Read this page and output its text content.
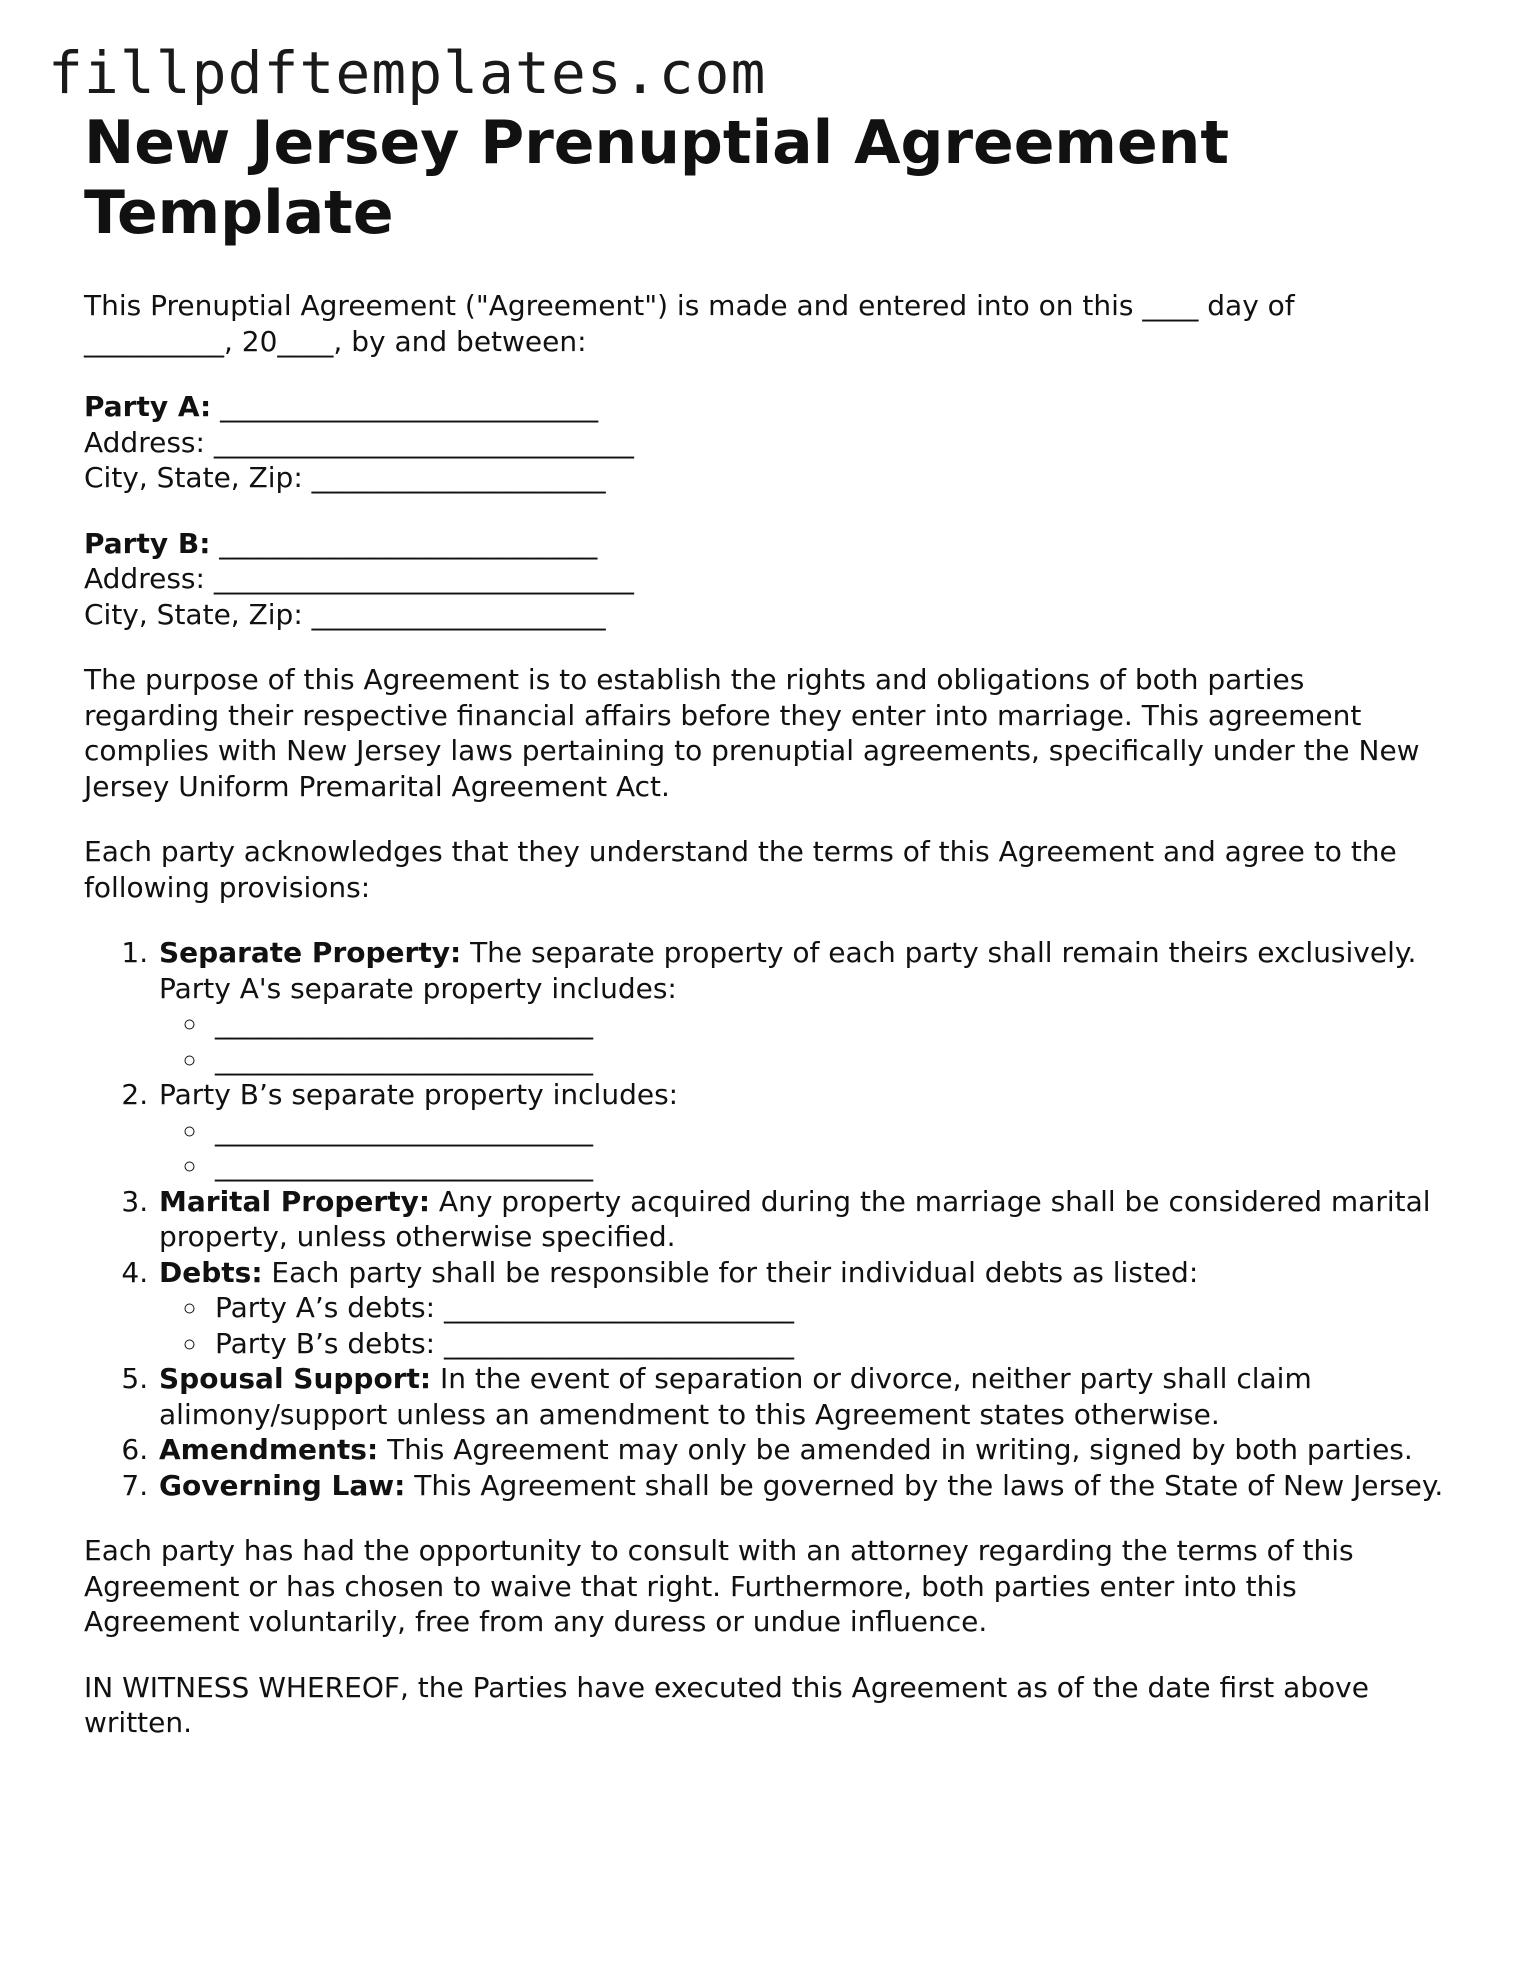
fillpdftemplates.com
New Jersey Prenuptial Agreement Template

This Prenuptial Agreement ("Agreement") is made and entered into on this ____ day of __________, 20____, by and between:

Party A: ___________________________
Address: ______________________________
City, State, Zip: _____________________
Party B: ___________________________
Address: ______________________________
City, State, Zip: _____________________

The purpose of this Agreement is to establish the rights and obligations of both parties regarding their respective financial affairs before they enter into marriage. This agreement complies with New Jersey laws pertaining to prenuptial agreements, specifically under the New Jersey Uniform Premarital Agreement Act.

Each party acknowledges that they understand the terms of this Agreement and agree to the following provisions:

1. Separate Property: The separate property of each party shall remain theirs exclusively. Party A's separate property includes:
◦ ___________________________
◦ ___________________________
2. Party B’s separate property includes:
◦ ___________________________
◦ ___________________________
3. Marital Property: Any property acquired during the marriage shall be considered marital property, unless otherwise specified.
4. Debts: Each party shall be responsible for their individual debts as listed:
◦ Party A’s debts: _________________________
◦ Party B’s debts: _________________________
5. Spousal Support: In the event of separation or divorce, neither party shall claim alimony/support unless an amendment to this Agreement states otherwise.
6. Amendments: This Agreement may only be amended in writing, signed by both parties.
7. Governing Law: This Agreement shall be governed by the laws of the State of New Jersey.

Each party has had the opportunity to consult with an attorney regarding the terms of this Agreement or has chosen to waive that right. Furthermore, both parties enter into this Agreement voluntarily, free from any duress or undue influence.

IN WITNESS WHEREOF, the Parties have executed this Agreement as of the date first above written.
